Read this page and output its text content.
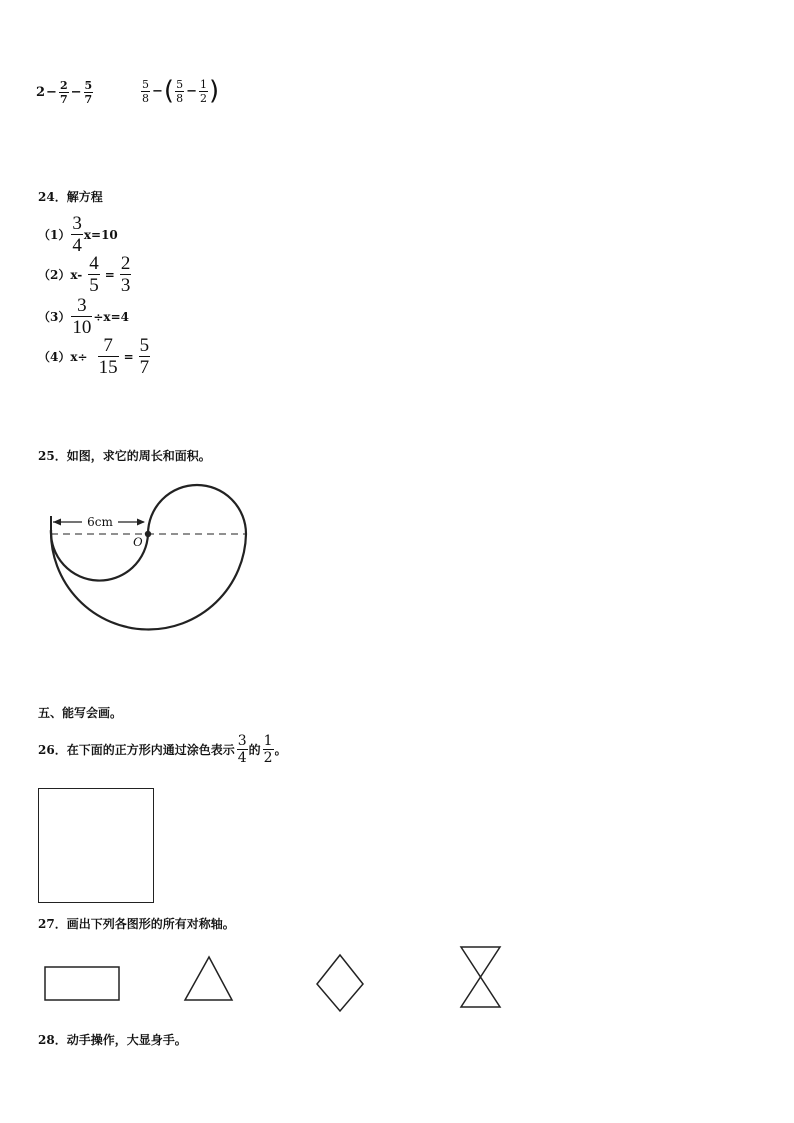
$2 - \frac{2}{7} - \frac{5}{7}$	$\frac{5}{8}$ − ( $\frac{5}{8} - \frac{1}{2}$ )
24．解方程
$(1) \frac{3}{4} x=10$
（2） $x- \frac{4}{5} = \frac{2}{3}$
$(3) \frac{3}{10} \div x=4$
（4） $x\div \frac{7}{15} = \frac{5}{7}$
25．如图，求它的周长和面积。
6cm
O
五、能写会画。
26．在下面的正方形内通过涂色表示 $\frac{3}{4}$ 的 $\frac{1}{2}$ 。
27．画出下列各图形的所有对称轴。
28．动手操作，大显身手。
